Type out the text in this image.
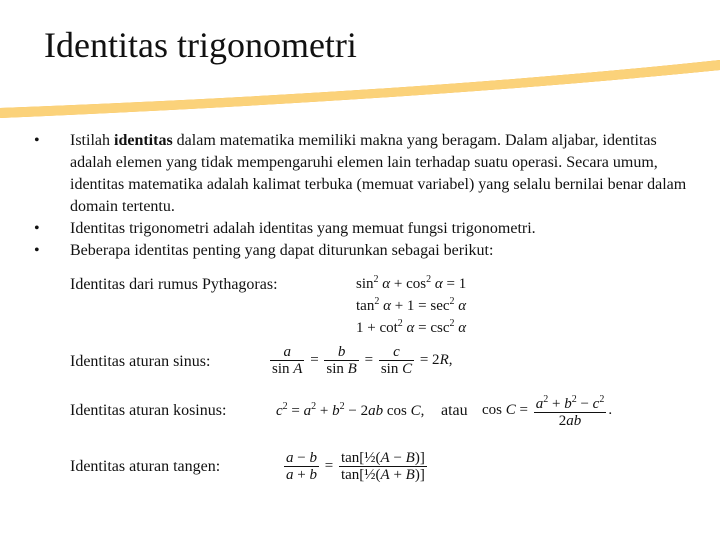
Identitas trigonometri
•	Istilah identitas dalam matematika memiliki makna yang beragam. Dalam aljabar, identitas adalah elemen yang tidak mempengaruhi elemen lain terhadap suatu operasi. Secara umum, identitas matematika adalah kalimat terbuka (memuat variabel) yang selalu bernilai benar dalam domain tertentu.
•	Identitas trigonometri adalah identitas yang memuat fungsi trigonometri.
•	Beberapa identitas penting yang dapat diturunkan sebagai berikut:
Identitas dari rumus Pythagoras:	$\sin^2 \alpha + \cos^2 \alpha = 1$
$\tan^2 \alpha + 1 = \sec^2 \alpha$
$1 + \cot^2 \alpha = \csc^2 \alpha$
Identitas aturan sinus:	$\frac{a}{\text{sin A}} = \frac{b}{\text{sin B}} = \frac{c}{\text{sin C}} = 2R$,
Identitas aturan kosinus:	$c^2 = a^2 + b^2 - 2ab$ cos C, atau $\cos C = \frac{a^2 + b^2 - c^2}{2ab}$ .
Identitas aturan tangen:	$\frac{a - b}{a + b} = \frac{\text{tan[½(A − B)]}}{\text{tan[½(A + B)]}}$
